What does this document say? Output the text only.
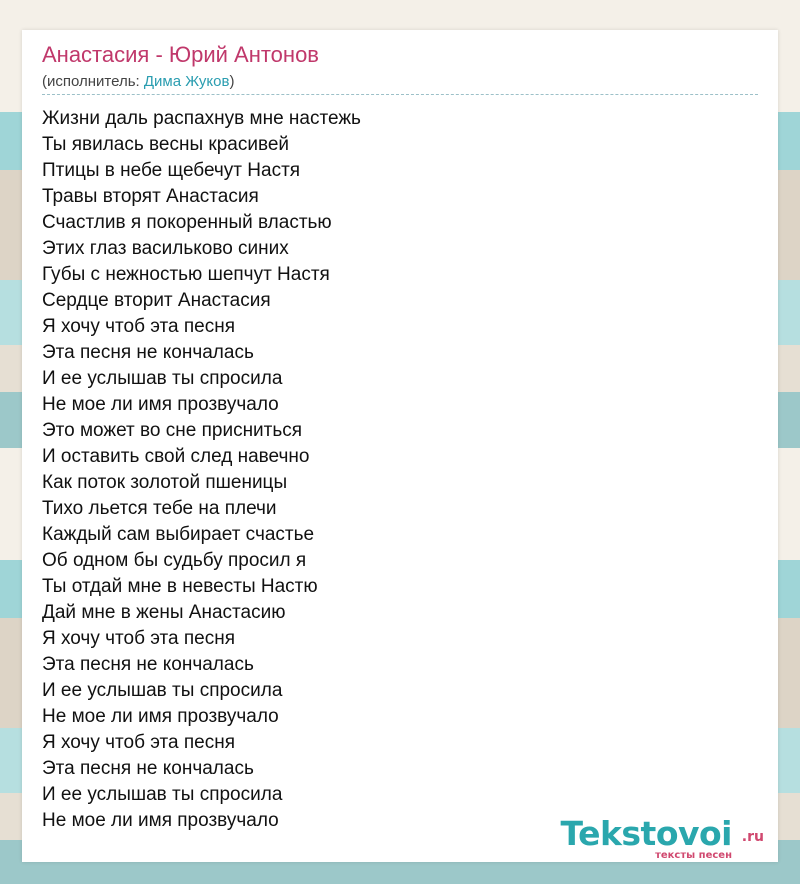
Анастасия - Юрий Антонов
(исполнитель: Дима Жуков)
Жизни даль распахнув мне настежь
Ты явилась весны красивей
Птицы в небе щебечут Настя
Травы вторят Анастасия
Счастлив я покоренный властью
Этих глаз васильково синих
Губы с нежностью шепчут Настя
Сердце вторит Анастасия
Я хочу чтоб эта песня
Эта песня не кончалась
И ее услышав ты спросила
Не мое ли имя прозвучало
Это может во сне присниться
И оставить свой след навечно
Как поток золотой пшеницы
Тихо льется тебе на плечи
Каждый сам выбирает счастье
Об одном бы судьбу просил я
Ты отдай мне в невесты Настю
Дай мне в жены Анастасию
Я хочу чтоб эта песня
Эта песня не кончалась
И ее услышав ты спросила
Не мое ли имя прозвучало
Я хочу чтоб эта песня
Эта песня не кончалась
И ее услышав ты спросила
Не мое ли имя прозвучало	Tekstovoi .ru
тексты песен
